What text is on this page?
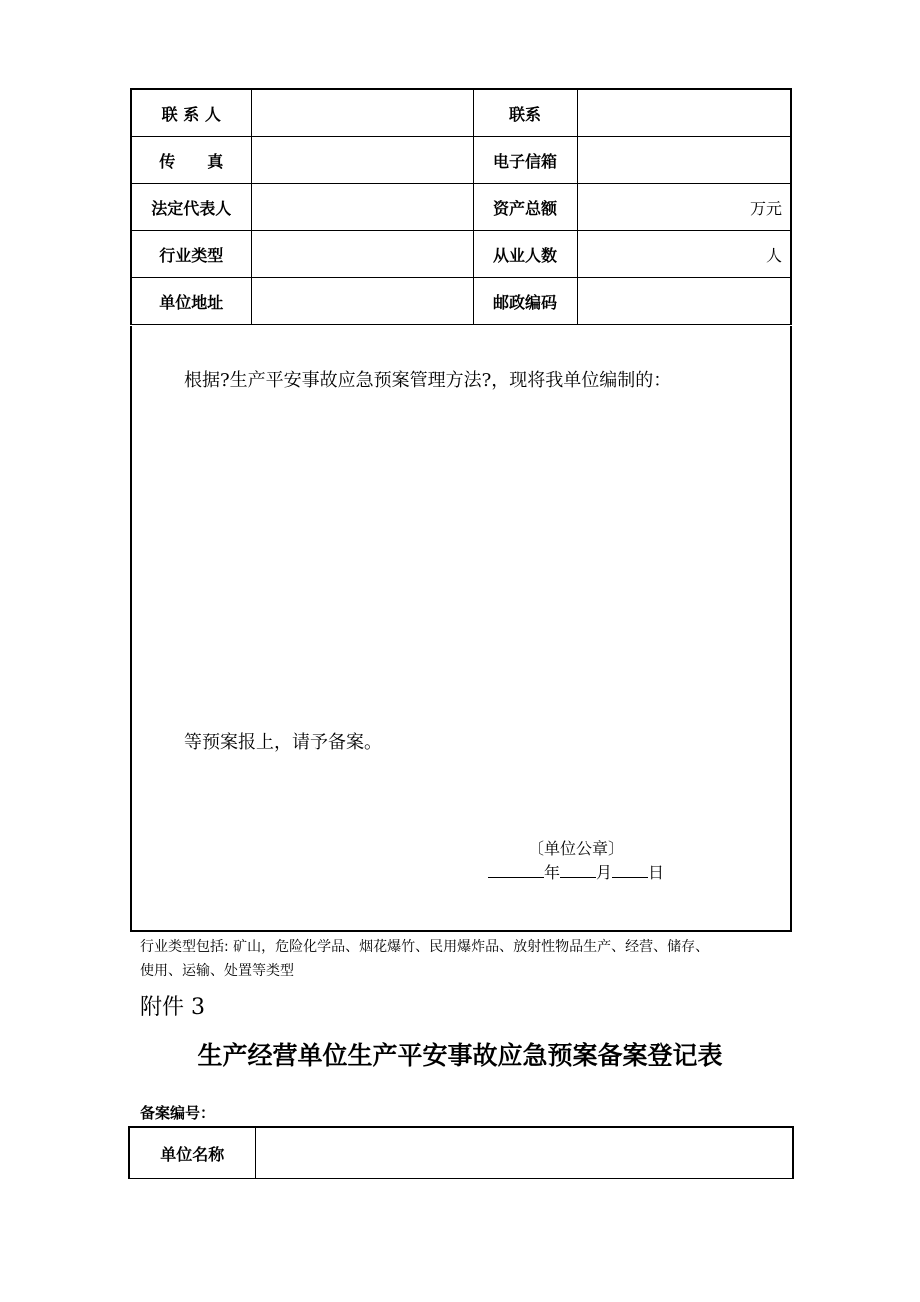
联 系 人		联系	
传　　真		电子信箱	
法定代表人		资产总额	万元
行业类型		从业人数	人
单位地址		邮政编码	
根据?生产平安事故应急预案管理方法?，现将我单位编制的：
等预案报上，请予备案。
〔单位公章〕
年 月 日
行业类型包括: 矿山，危险化学品、烟花爆竹、民用爆炸品、放射性物品生产、经营、储存、
使用、运输、处置等类型
附件 3
生产经营单位生产平安事故应急预案备案登记表
备案编号：
单位名称	
